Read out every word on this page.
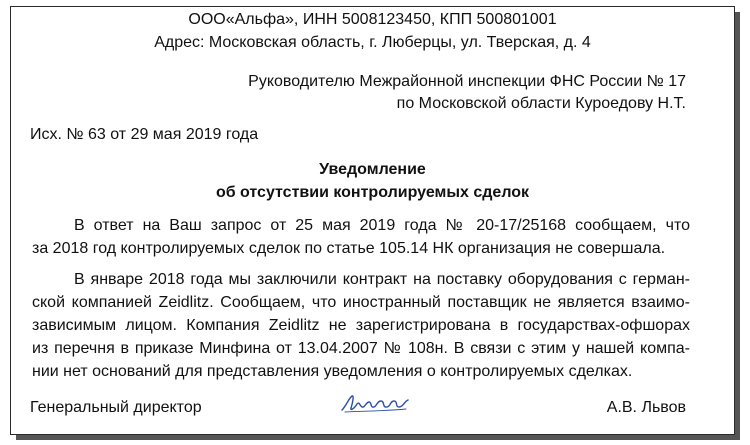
ООО«Альфа», ИНН 5008123450, КПП 500801001

Адрес: Московская область, г. Люберцы, ул. Тверская, д. 4

Руководителю Межрайонной инспекции ФНС России № 17

по Московской области Куроедову Н.Т.

Исх. № 63 от 29 мая 2019 года

Уведомление

об отсутствии контролируемых сделок

В ответ на Ваш запрос от 25 мая 2019 года № 20-17/25168 сообщаем, что

за 2018 год контролируемых сделок по статье 105.14 НК организация не совершала.

В январе 2018 года мы заключили контракт на поставку оборудования с герман-

ской компанией Zeidlitz. Сообщаем, что иностранный поставщик не является взаимо-

зависимым лицом. Компания Zeidlitz не зарегистрирована в государствах-офшорах

из перечня в приказе Минфина от 13.04.2007 № 108н. В связи с этим у нашей компа-

нии нет оснований для представления уведомления о контролируемых сделках.

Генеральный директор	А.В. Львов
